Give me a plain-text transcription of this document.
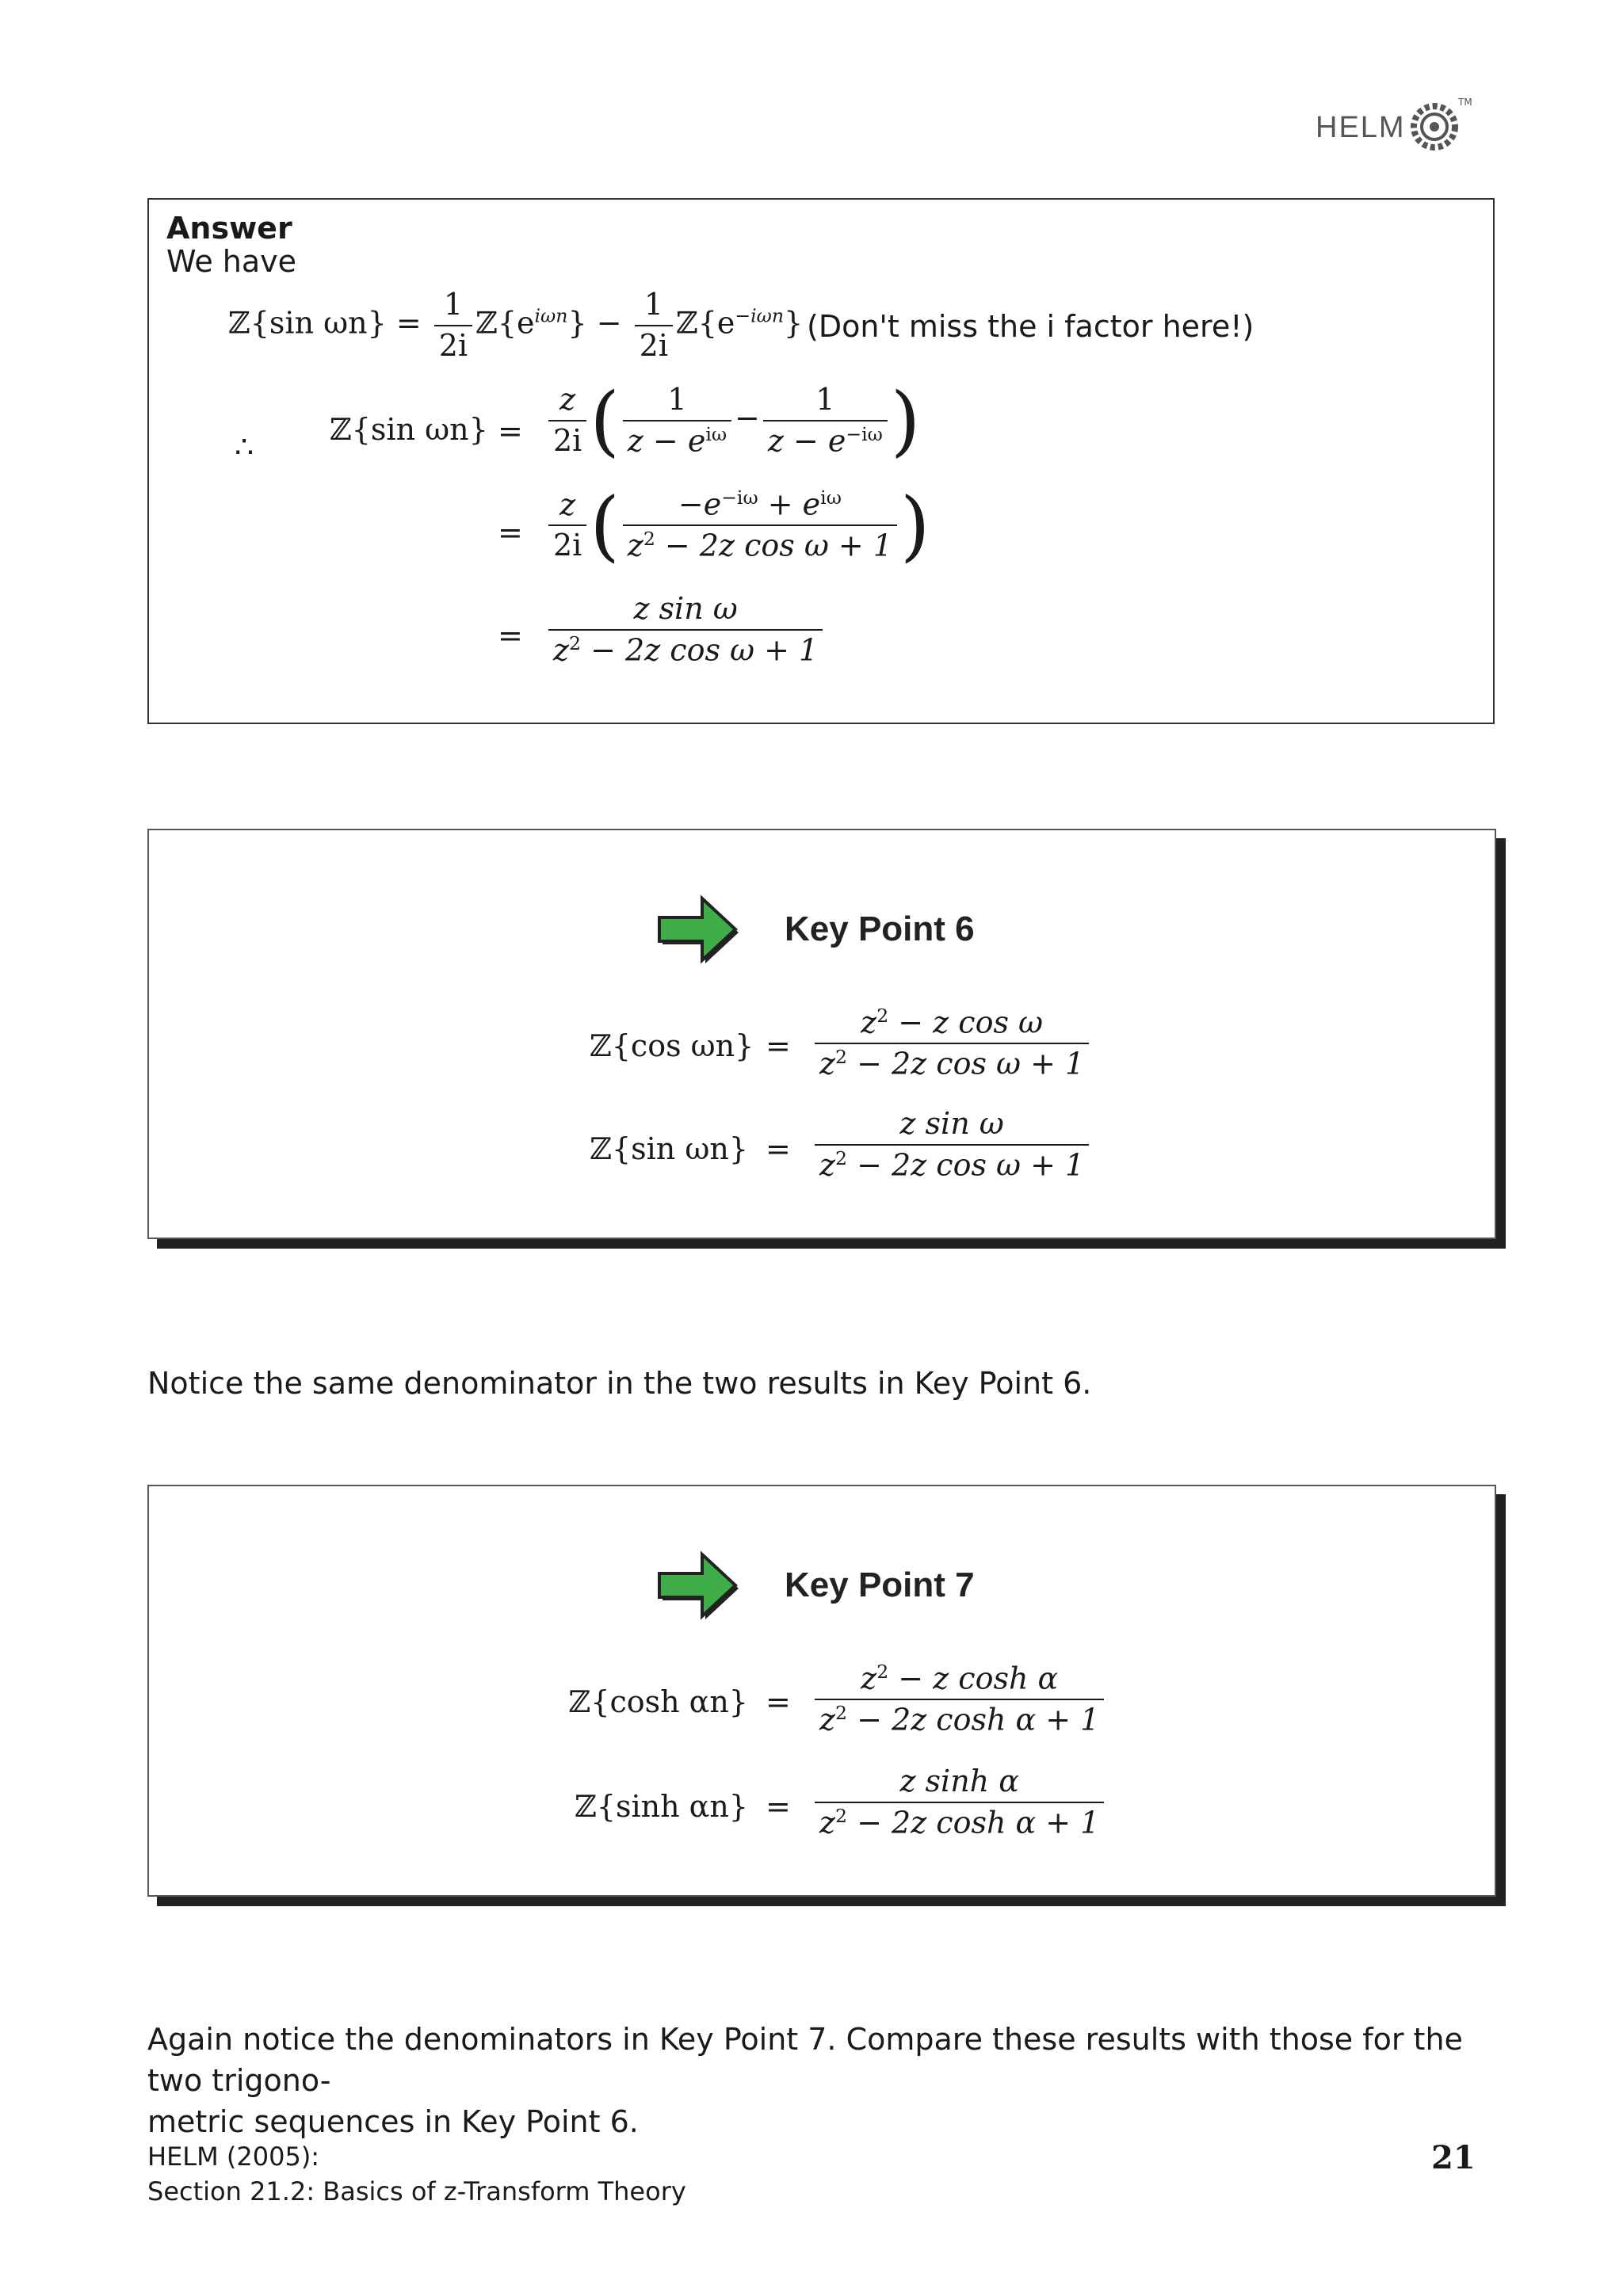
HELM
TM
Answer
We have
ℤ{sin $\omega n\} = \frac{1}{2i}$ $ℤ\{e^{i\omega n}\} - \frac{1}{2i}$ $ℤ\{e^{-i\omega n}\}$ (Don't miss the i factor here!)
∴	ℤ{sin $\omega n\} = \frac{z}{2i}$ ( $\frac{1}{z - e^{i\omega}} - \frac{1}{z - e^{-i\omega}}$ )
= $\frac{z}{2i}$ ( $\frac{-e^{-i\omega} + e^{i\omega}}{z^2 - 2z \cos \omega + 1}$ )
= $\frac{\text{z sin ω}}{z^2 - 2z \cos \omega + 1}$
Key Point 6
ℤ{cos $\omega n\} = \frac{z^2 - z \cos \omega}{z^2 - 2z \cos \omega + 1}$
ℤ{sin $\omega n\} = \frac{\text{z sin ω}}{z^2 - 2z \cos \omega + 1}$
Notice the same denominator in the two results in Key Point 6.
Key Point 7
ℤ{cosh $\alpha n\} = \frac{z^2 - z \cosh \alpha}{z^2 - 2z \cosh \alpha + 1}$
ℤ{sinh $\alpha n\} = \frac{\text{z sinh α}}{z^2 - 2z \cosh \alpha + 1}$
Again notice the denominators in Key Point 7. Compare these results with those for the two trigono-
metric sequences in Key Point 6.
HELM (2005):
Section 21.2: Basics of z-Transform Theory
21
